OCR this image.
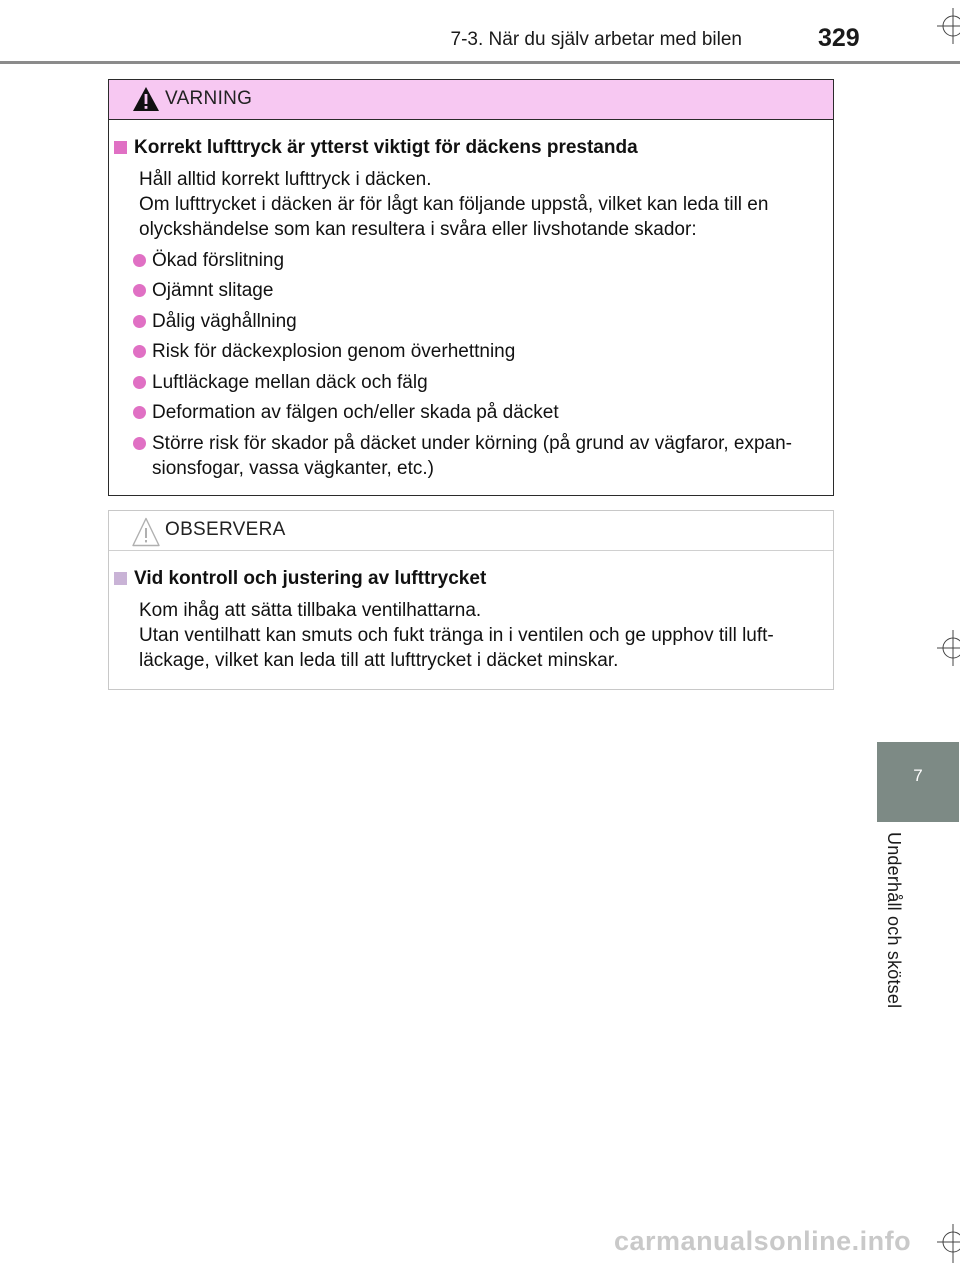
7-3. När du själv arbetar med bilen	329
VARNING
Korrekt lufttryck är ytterst viktigt för däckens prestanda
Håll alltid korrekt lufttryck i däcken.
Om lufttrycket i däcken är för lågt kan följande uppstå, vilket kan leda till en olyckshändelse som kan resultera i svåra eller livshotande skador:
Ökad förslitning
Ojämnt slitage
Dålig väghållning
Risk för däckexplosion genom överhettning
Luftläckage mellan däck och fälg
Deformation av fälgen och/eller skada på däcket
Större risk för skador på däcket under körning (på grund av vägfaror, expan-sionsfogar, vassa vägkanter, etc.)
OBSERVERA
Vid kontroll och justering av lufttrycket
Kom ihåg att sätta tillbaka ventilhattarna.
Utan ventilhatt kan smuts och fukt tränga in i ventilen och ge upphov till luft-läckage, vilket kan leda till att lufttrycket i däcket minskar.
7
Underhåll och skötsel
carmanualsonline.info
